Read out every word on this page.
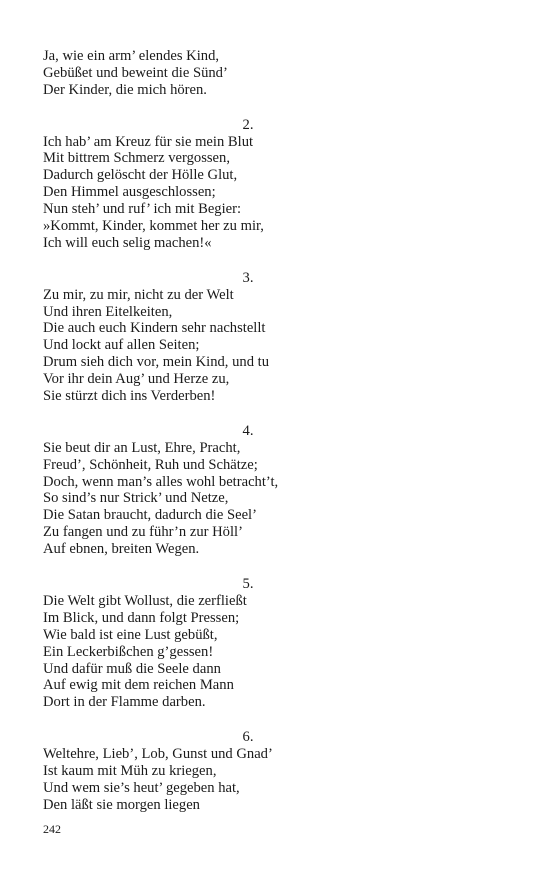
Ja, wie ein arm’ elendes Kind,
Gebüßet und beweint die Sünd’
Der Kinder, die mich hören.
2.
Ich hab’ am Kreuz für sie mein Blut
Mit bittrem Schmerz vergossen,
Dadurch gelöscht der Hölle Glut,
Den Himmel ausgeschlossen;
Nun steh’ und ruf’ ich mit Begier:
»Kommt, Kinder, kommet her zu mir,
Ich will euch selig machen!«
3.
Zu mir, zu mir, nicht zu der Welt
Und ihren Eitelkeiten,
Die auch euch Kindern sehr nachstellt
Und lockt auf allen Seiten;
Drum sieh dich vor, mein Kind, und tu
Vor ihr dein Aug’ und Herze zu,
Sie stürzt dich ins Verderben!
4.
Sie beut dir an Lust, Ehre, Pracht,
Freud’, Schönheit, Ruh und Schätze;
Doch, wenn man’s alles wohl betracht’t,
So sind’s nur Strick’ und Netze,
Die Satan braucht, dadurch die Seel’
Zu fangen und zu führ’n zur Höll’
Auf ebnen, breiten Wegen.
5.
Die Welt gibt Wollust, die zerfließt
Im Blick, und dann folgt Pressen;
Wie bald ist eine Lust gebüßt,
Ein Leckerbißchen g’gessen!
Und dafür muß die Seele dann
Auf ewig mit dem reichen Mann
Dort in der Flamme darben.
6.
Weltehre, Lieb’, Lob, Gunst und Gnad’
Ist kaum mit Müh zu kriegen,
Und wem sie’s heut’ gegeben hat,
Den läßt sie morgen liegen
242
